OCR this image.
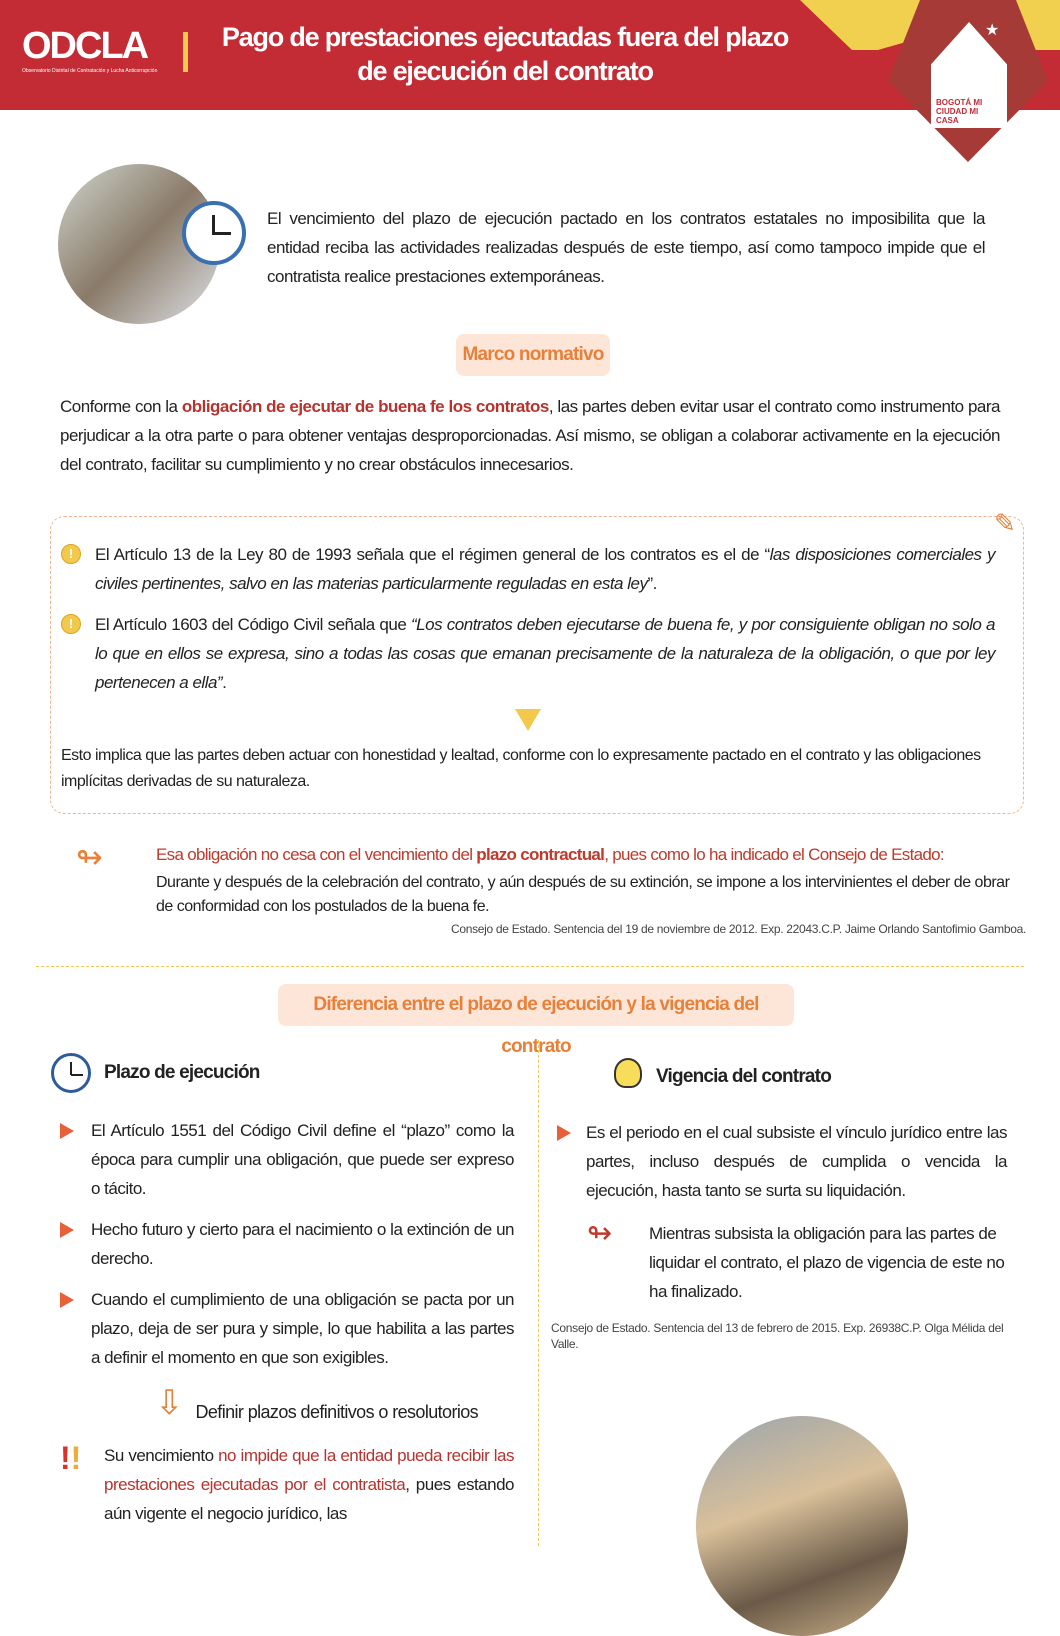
ODCLA
Observatorio Distrital de Contratación y Lucha Anticorrupción
Pago de prestaciones ejecutadas fuera del plazo de ejecución del contrato
★
BOGOTÁ MI CIUDAD MI CASA
El vencimiento del plazo de ejecución pactado en los contratos estatales no imposibilita que la entidad reciba las actividades realizadas después de este tiempo, así como tampoco impide que el contratista realice prestaciones extemporáneas.
Marco normativo
Conforme con la obligación de ejecutar de buena fe los contratos, las partes deben evitar usar el contrato como instrumento para perjudicar a la otra parte o para obtener ventajas desproporcionadas. Así mismo, se obligan a colaborar activamente en la ejecución del contrato, facilitar su cumplimiento y no crear obstáculos innecesarios.
✎
!	El Artículo 13 de la Ley 80 de 1993 señala que el régimen general de los contratos es el de “las disposiciones comerciales y civiles pertinentes, salvo en las materias particularmente reguladas en esta ley”.
!	El Artículo 1603 del Código Civil señala que “Los contratos deben ejecutarse de buena fe, y por consiguiente obligan no solo a lo que en ellos se expresa, sino a todas las cosas que emanan precisamente de la naturaleza de la obligación, o que por ley pertenecen a ella”.
Esto implica que las partes deben actuar con honestidad y lealtad, conforme con lo expresamente pactado en el contrato y las obligaciones implícitas derivadas de su naturaleza.
↬	Esa obligación no cesa con el vencimiento del plazo contractual, pues como lo ha indicado el Consejo de Estado:
Durante y después de la celebración del contrato, y aún después de su extinción, se impone a los intervinientes el deber de obrar de conformidad con los postulados de la buena fe.
Consejo de Estado. Sentencia del 19 de noviembre de 2012. Exp. 22043.C.P. Jaime Orlando Santofimio Gamboa.
Diferencia entre el plazo de ejecución y la vigencia del contrato
Plazo de ejecución
El Artículo 1551 del Código Civil define el “plazo” como la época para cumplir una obligación, que puede ser expreso o tácito.
Hecho futuro y cierto para el nacimiento o la extinción de un derecho.
Cuando el cumplimiento de una obligación se pacta por un plazo, deja de ser pura y simple, lo que habilita a las partes a definir el momento en que son exigibles.
⇩ Definir plazos definitivos o resolutorios
!!	Su vencimiento no impide que la entidad pueda recibir las prestaciones ejecutadas por el contratista, pues estando aún vigente el negocio jurídico, las
Vigencia del contrato
Es el periodo en el cual subsiste el vínculo jurídico entre las partes, incluso después de cumplida o vencida la ejecución, hasta tanto se surta su liquidación.
↬	Mientras subsista la obligación para las partes de liquidar el contrato, el plazo de vigencia de este no ha finalizado.
Consejo de Estado. Sentencia del 13 de febrero de 2015. Exp. 26938C.P. Olga Mélida del Valle.
